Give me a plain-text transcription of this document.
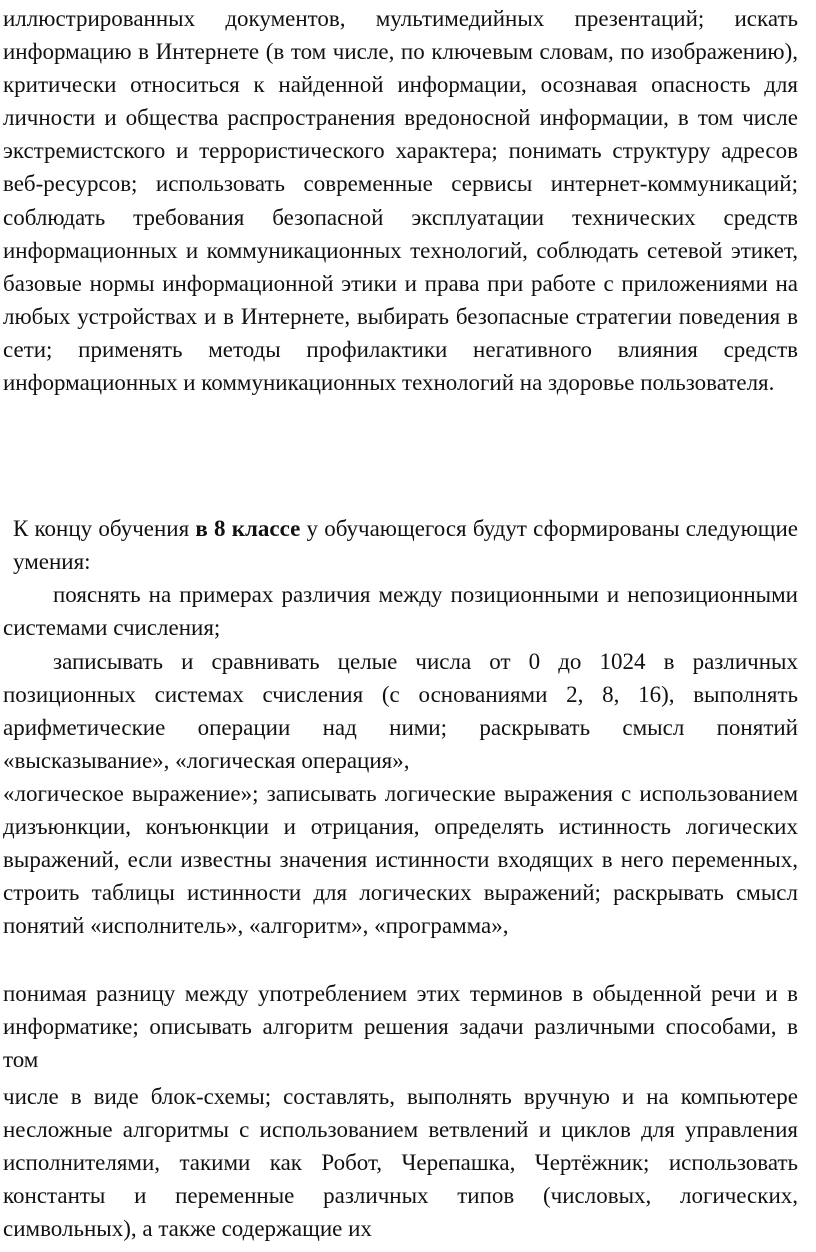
иллюстрированных документов, мультимедийных презентаций; искать информацию в Интернете (в том числе, по ключевым словам, по изображению), критически относиться к найденной информации, осознавая опасность для личности и общества распространения вредоносной информации, в том числе экстремистского и террористического характера; понимать структуру адресов веб-ресурсов; использовать современные сервисы интернет-коммуникаций; соблюдать требования безопасной эксплуатации технических средств информационных и коммуникационных технологий, соблюдать сетевой этикет, базовые нормы информационной этики и права при работе с приложениями на любых устройствах и в Интернете, выбирать безопасные стратегии поведения в сети; применять методы профилактики негативного влияния средств информационных и коммуникационных технологий на здоровье пользователя.

К концу обучения в 8 классе у обучающегося будут сформированы следующие умения:

пояснять на примерах различия между позиционными и непозиционными системами счисления;

записывать и сравнивать целые числа от 0 до 1024 в различных позиционных системах счисления (с основаниями 2, 8, 16), выполнять арифметические операции над ними; раскрывать смысл понятий «высказывание», «логическая операция»,

«логическое выражение»; записывать логические выражения с использованием дизъюнкции, конъюнкции и отрицания, определять истинность логических выражений, если известны значения истинности входящих в него переменных, строить таблицы истинности для логических выражений; раскрывать смысл понятий «исполнитель», «алгоритм», «программа»,

понимая разницу между употреблением этих терминов в обыденной речи и в информатике; описывать алгоритм решения задачи различными способами, в том

числе в виде блок-схемы; составлять, выполнять вручную и на компьютере несложные алгоритмы с использованием ветвлений и циклов для управления исполнителями, такими как Робот, Черепашка, Чертёжник; использовать константы и переменные различных типов (числовых, логических, символьных), а также содержащие их
